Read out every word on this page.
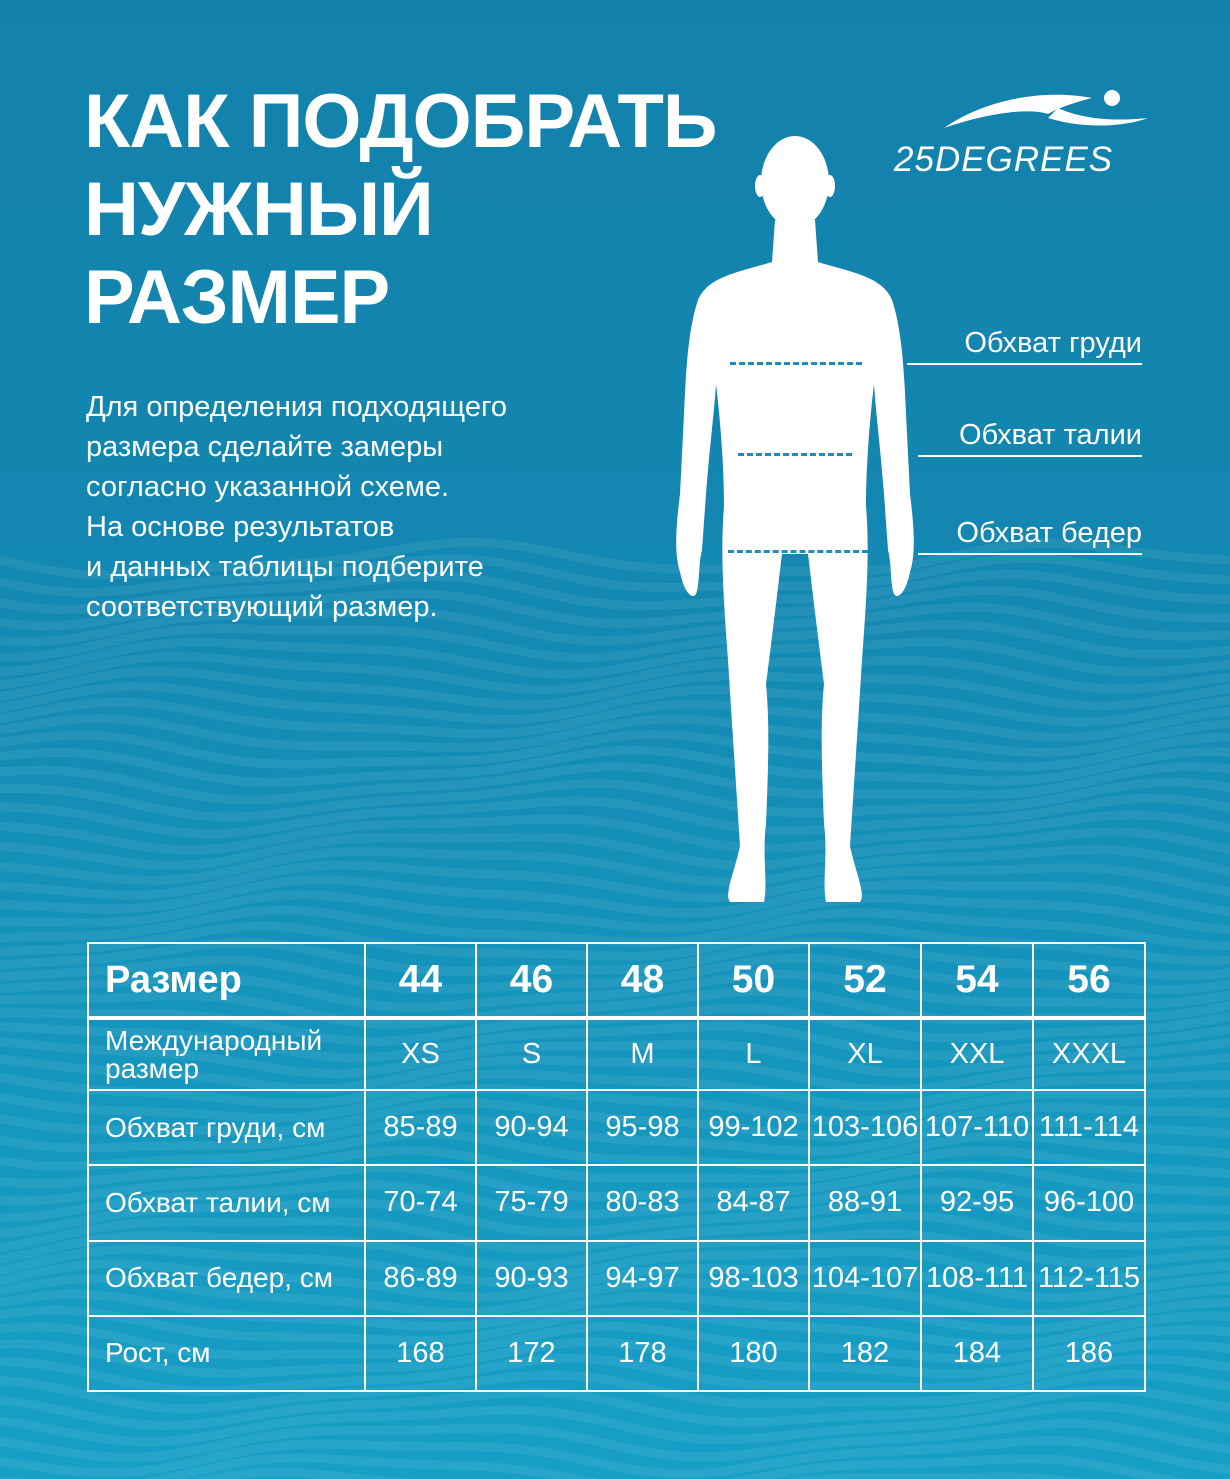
КАК ПОДОБРАТЬ
НУЖНЫЙ
РАЗМЕР

Для определения подходящего
размера сделайте замеры
согласно указанной схеме.
На основе результатов
и данных таблицы подберите
соответствующий размер.

25DEGREES
Обхват груди
Обхват талии
Обхват бедер
Размер	44	46	48	50	52	54	56
Международный
размер	XS	S	M	L	XL	XXL	XXXL
Обхват груди, см	85-89	90-94	95-98	99-102	103-106	107-110	111-114
Обхват талии, см	70-74	75-79	80-83	84-87	88-91	92-95	96-100
Обхват бедер, см	86-89	90-93	94-97	98-103	104-107	108-111	112-115
Рост, см	168	172	178	180	182	184	186
